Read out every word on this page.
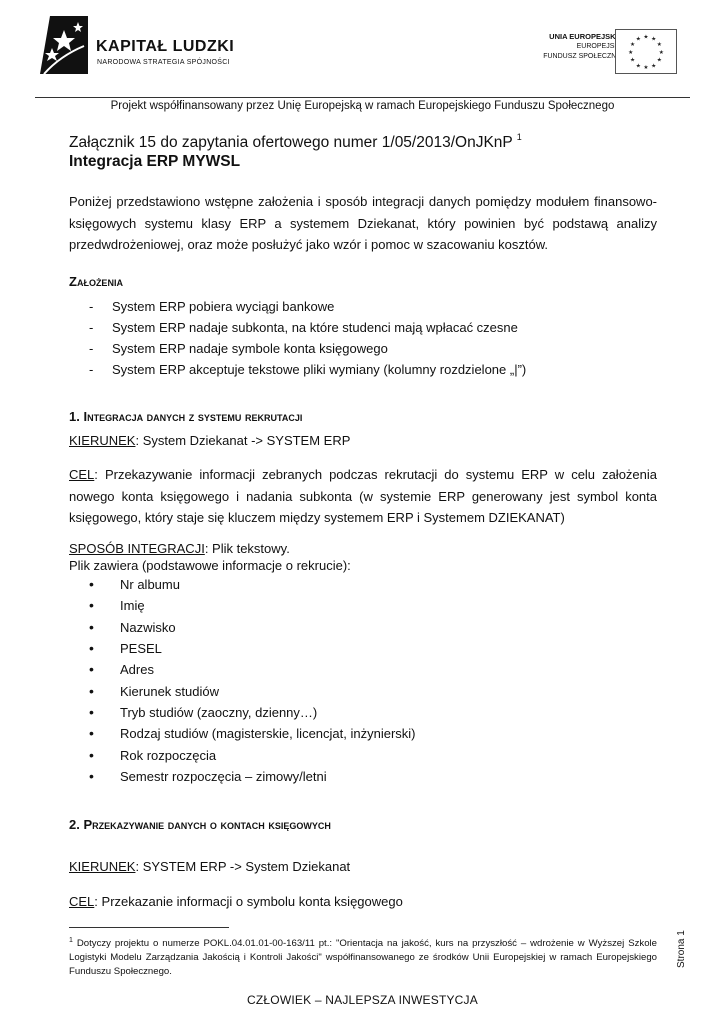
KAPITAŁ LUDZKI
NARODOWA STRATEGIA SPÓJNOŚCI
UNIA EUROPEJSKA
EUROPEJSKI
FUNDUSZ SPOŁECZNY
★ ★
★
★
★
★
★
★
★
★
★
★
Projekt współfinansowany przez Unię Europejską w ramach Europejskiego Funduszu Społecznego
Załącznik 15 do zapytania ofertowego numer 1/05/2013/OnJKnP $^1$
Integracja ERP MYWSL
Poniżej przedstawiono wstępne założenia i sposób integracji danych pomiędzy modułem finansowo-księgowych systemu klasy ERP a systemem Dziekanat, który powinien być podstawą analizy przedwdrożeniowej, oraz może posłużyć jako wzór i pomoc w szacowaniu kosztów.
Założenia
- System ERP pobiera wyciągi bankowe
- System ERP nadaje subkonta, na które studenci mają wpłacać czesne
- System ERP nadaje symbole konta księgowego
- System ERP akceptuje tekstowe pliki wymiany (kolumny rozdzielone „|”)
1. Integracja danych z systemu rekrutacji
KIERUNEK: System Dziekanat -> SYSTEM ERP
CEL: Przekazywanie informacji zebranych podczas rekrutacji do systemu ERP w celu założenia nowego konta księgowego i nadania subkonta (w systemie ERP generowany jest symbol konta księgowego, który staje się kluczem między systemem ERP i Systemem DZIEKANAT)
SPOSÓB INTEGRACJI: Plik tekstowy.
Plik zawiera (podstawowe informacje o rekrucie):
• Nr albumu
• Imię
• Nazwisko
• PESEL
• Adres
• Kierunek studiów
• Tryb studiów (zaoczny, dzienny…)
• Rodzaj studiów (magisterskie, licencjat, inżynierski)
• Rok rozpoczęcia
• Semestr rozpoczęcia – zimowy/letni
2. Przekazywanie danych o kontach księgowych
KIERUNEK: SYSTEM ERP -> System Dziekanat
CEL: Przekazanie informacji o symbolu konta księgowego
$^1$ Dotyczy projektu o numerze POKL.04.01.01-00-163/11 pt.: "Orientacja na jakość, kurs na przyszłość – wdrożenie w Wyższej Szkole Logistyki Modelu Zarządzania Jakością i Kontroli Jakości" współfinansowanego ze środków Unii Europejskiej w ramach Europejskiego Funduszu Społecznego.
Strona 1
CZŁOWIEK – NAJLEPSZA INWESTYCJA
